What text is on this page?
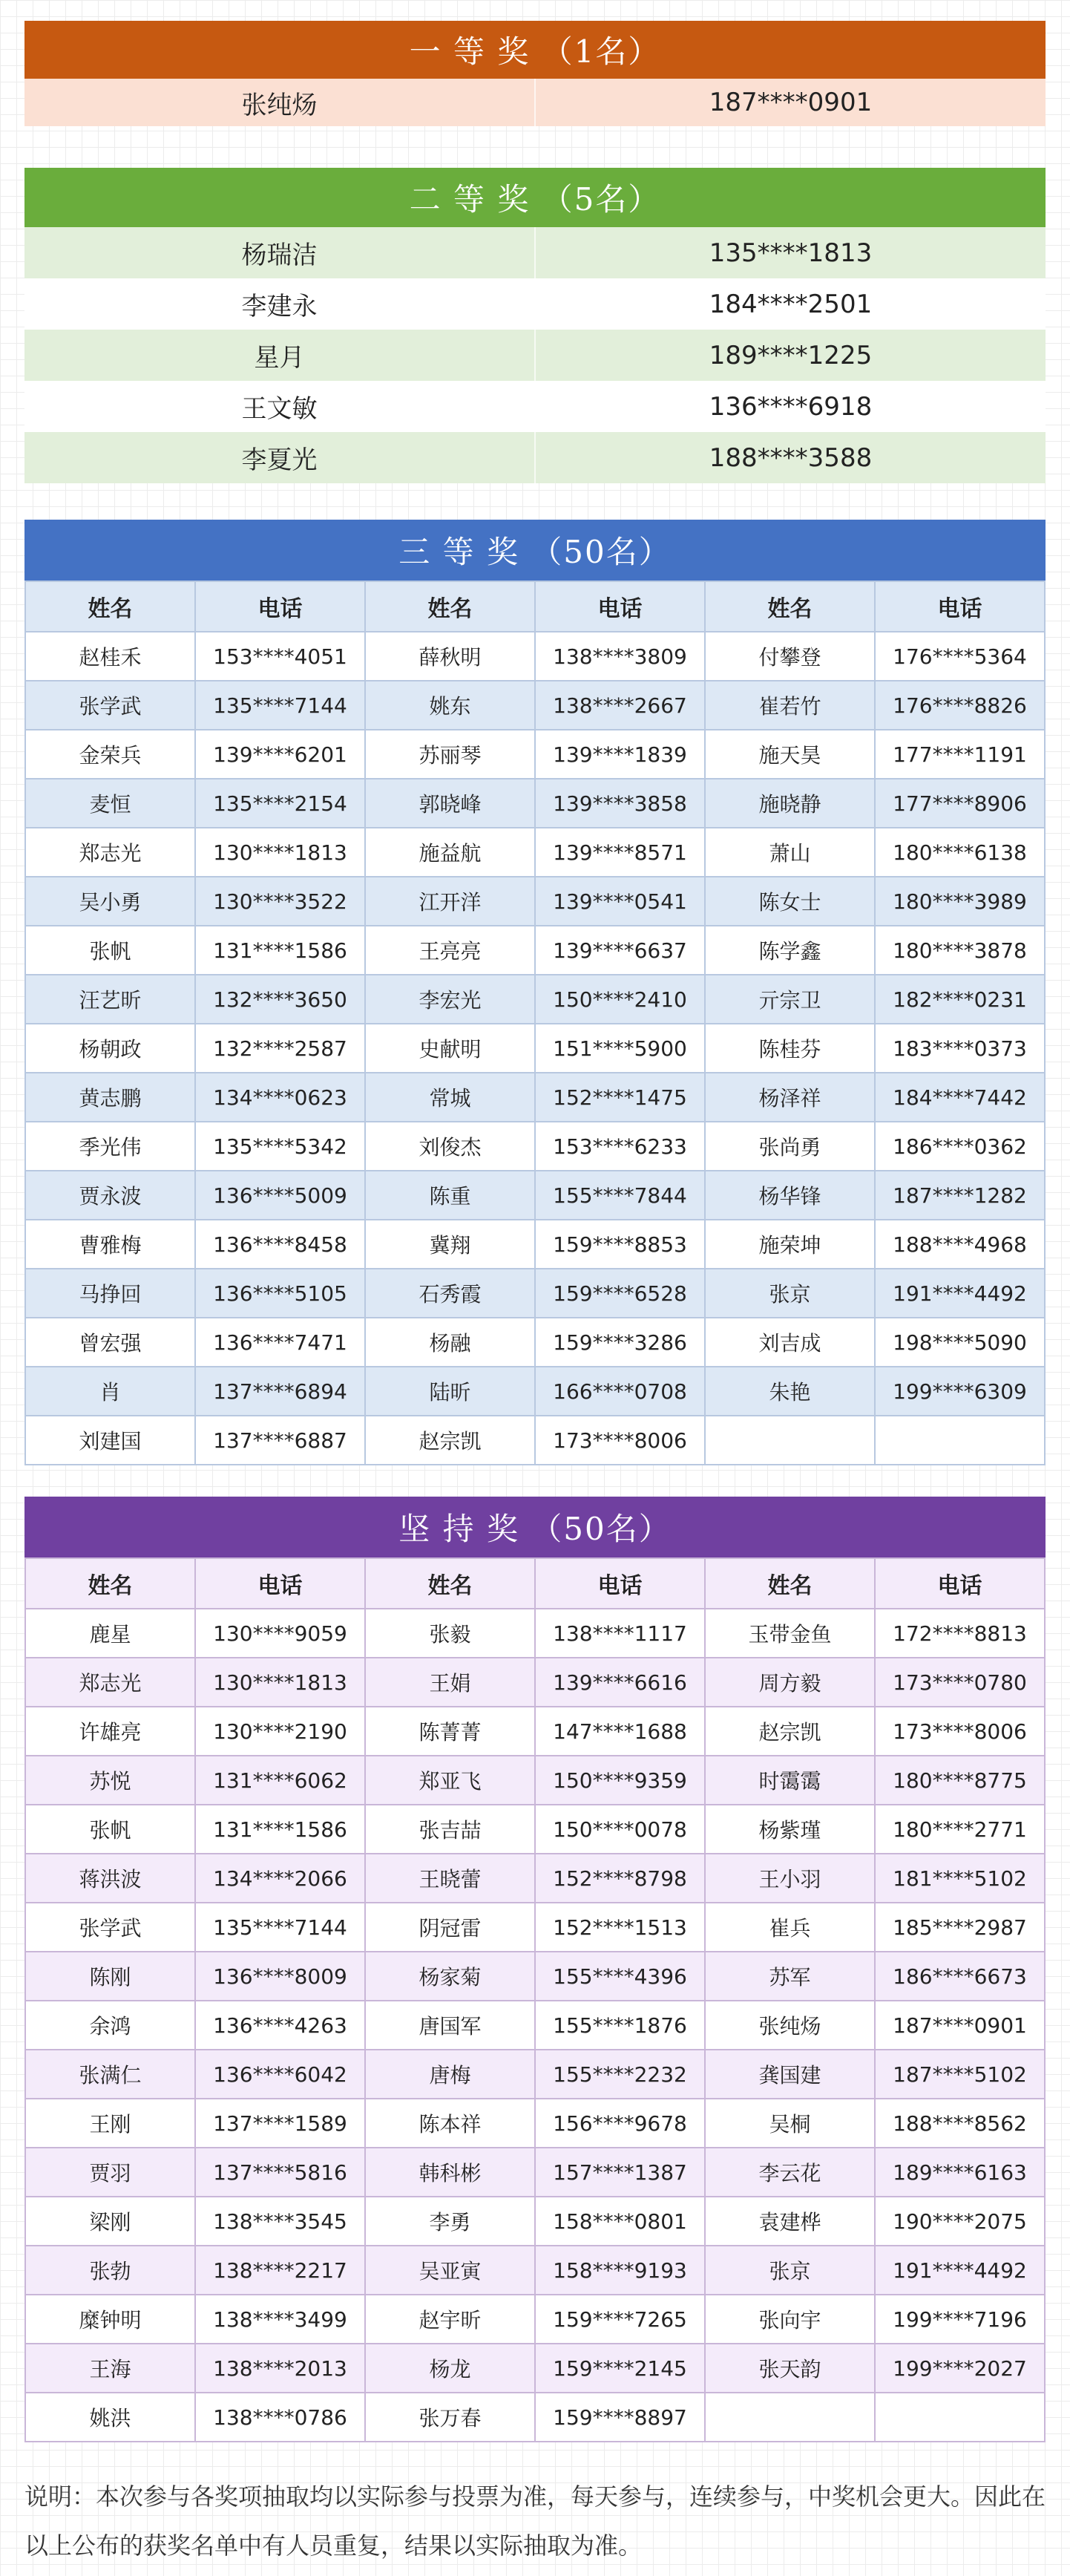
一 等 奖 （1名）
张纯炀	187****0901
二 等 奖 （5名）
杨瑞洁	135****1813
李建永	184****2501
星月	189****1225
王文敏	136****6918
李夏光	188****3588
三 等 奖 （50名）
姓名	电话	姓名	电话	姓名	电话
赵桂禾	153****4051	薛秋明	138****3809	付攀登	176****5364
张学武	135****7144	姚东	138****2667	崔若竹	176****8826
金荣兵	139****6201	苏丽琴	139****1839	施天昊	177****1191
麦恒	135****2154	郭晓峰	139****3858	施晓静	177****8906
郑志光	130****1813	施益航	139****8571	萧山	180****6138
吴小勇	130****3522	江开洋	139****0541	陈女士	180****3989
张帆	131****1586	王亮亮	139****6637	陈学鑫	180****3878
汪艺昕	132****3650	李宏光	150****2410	亓宗卫	182****0231
杨朝政	132****2587	史献明	151****5900	陈桂芬	183****0373
黄志鹏	134****0623	常城	152****1475	杨泽祥	184****7442
季光伟	135****5342	刘俊杰	153****6233	张尚勇	186****0362
贾永波	136****5009	陈重	155****7844	杨华锋	187****1282
曹雅梅	136****8458	冀翔	159****8853	施荣坤	188****4968
马挣回	136****5105	石秀霞	159****6528	张京	191****4492
曾宏强	136****7471	杨融	159****3286	刘吉成	198****5090
肖	137****6894	陆昕	166****0708	朱艳	199****6309
刘建国	137****6887	赵宗凯	173****8006		
坚 持 奖 （50名）
姓名	电话	姓名	电话	姓名	电话
鹿星	130****9059	张毅	138****1117	玉带金鱼	172****8813
郑志光	130****1813	王娟	139****6616	周方毅	173****0780
许雄亮	130****2190	陈菁菁	147****1688	赵宗凯	173****8006
苏悦	131****6062	郑亚飞	150****9359	时霭霭	180****8775
张帆	131****1586	张吉喆	150****0078	杨紫瑾	180****2771
蒋洪波	134****2066	王晓蕾	152****8798	王小羽	181****5102
张学武	135****7144	阴冠雷	152****1513	崔兵	185****2987
陈刚	136****8009	杨家菊	155****4396	苏军	186****6673
余鸿	136****4263	唐国军	155****1876	张纯炀	187****0901
张满仁	136****6042	唐梅	155****2232	龚国建	187****5102
王刚	137****1589	陈本祥	156****9678	吴桐	188****8562
贾羽	137****5816	韩科彬	157****1387	李云花	189****6163
梁刚	138****3545	李勇	158****0801	袁建桦	190****2075
张勃	138****2217	吴亚寅	158****9193	张京	191****4492
糜钟明	138****3499	赵宇昕	159****7265	张向宇	199****7196
王海	138****2013	杨龙	159****2145	张天韵	199****2027
姚洪	138****0786	张万春	159****8897		
说明：本次参与各奖项抽取均以实际参与投票为准，每天参与，连续参与，中奖机会更大。因此在以上公布的获奖名单中有人员重复，结果以实际抽取为准。
